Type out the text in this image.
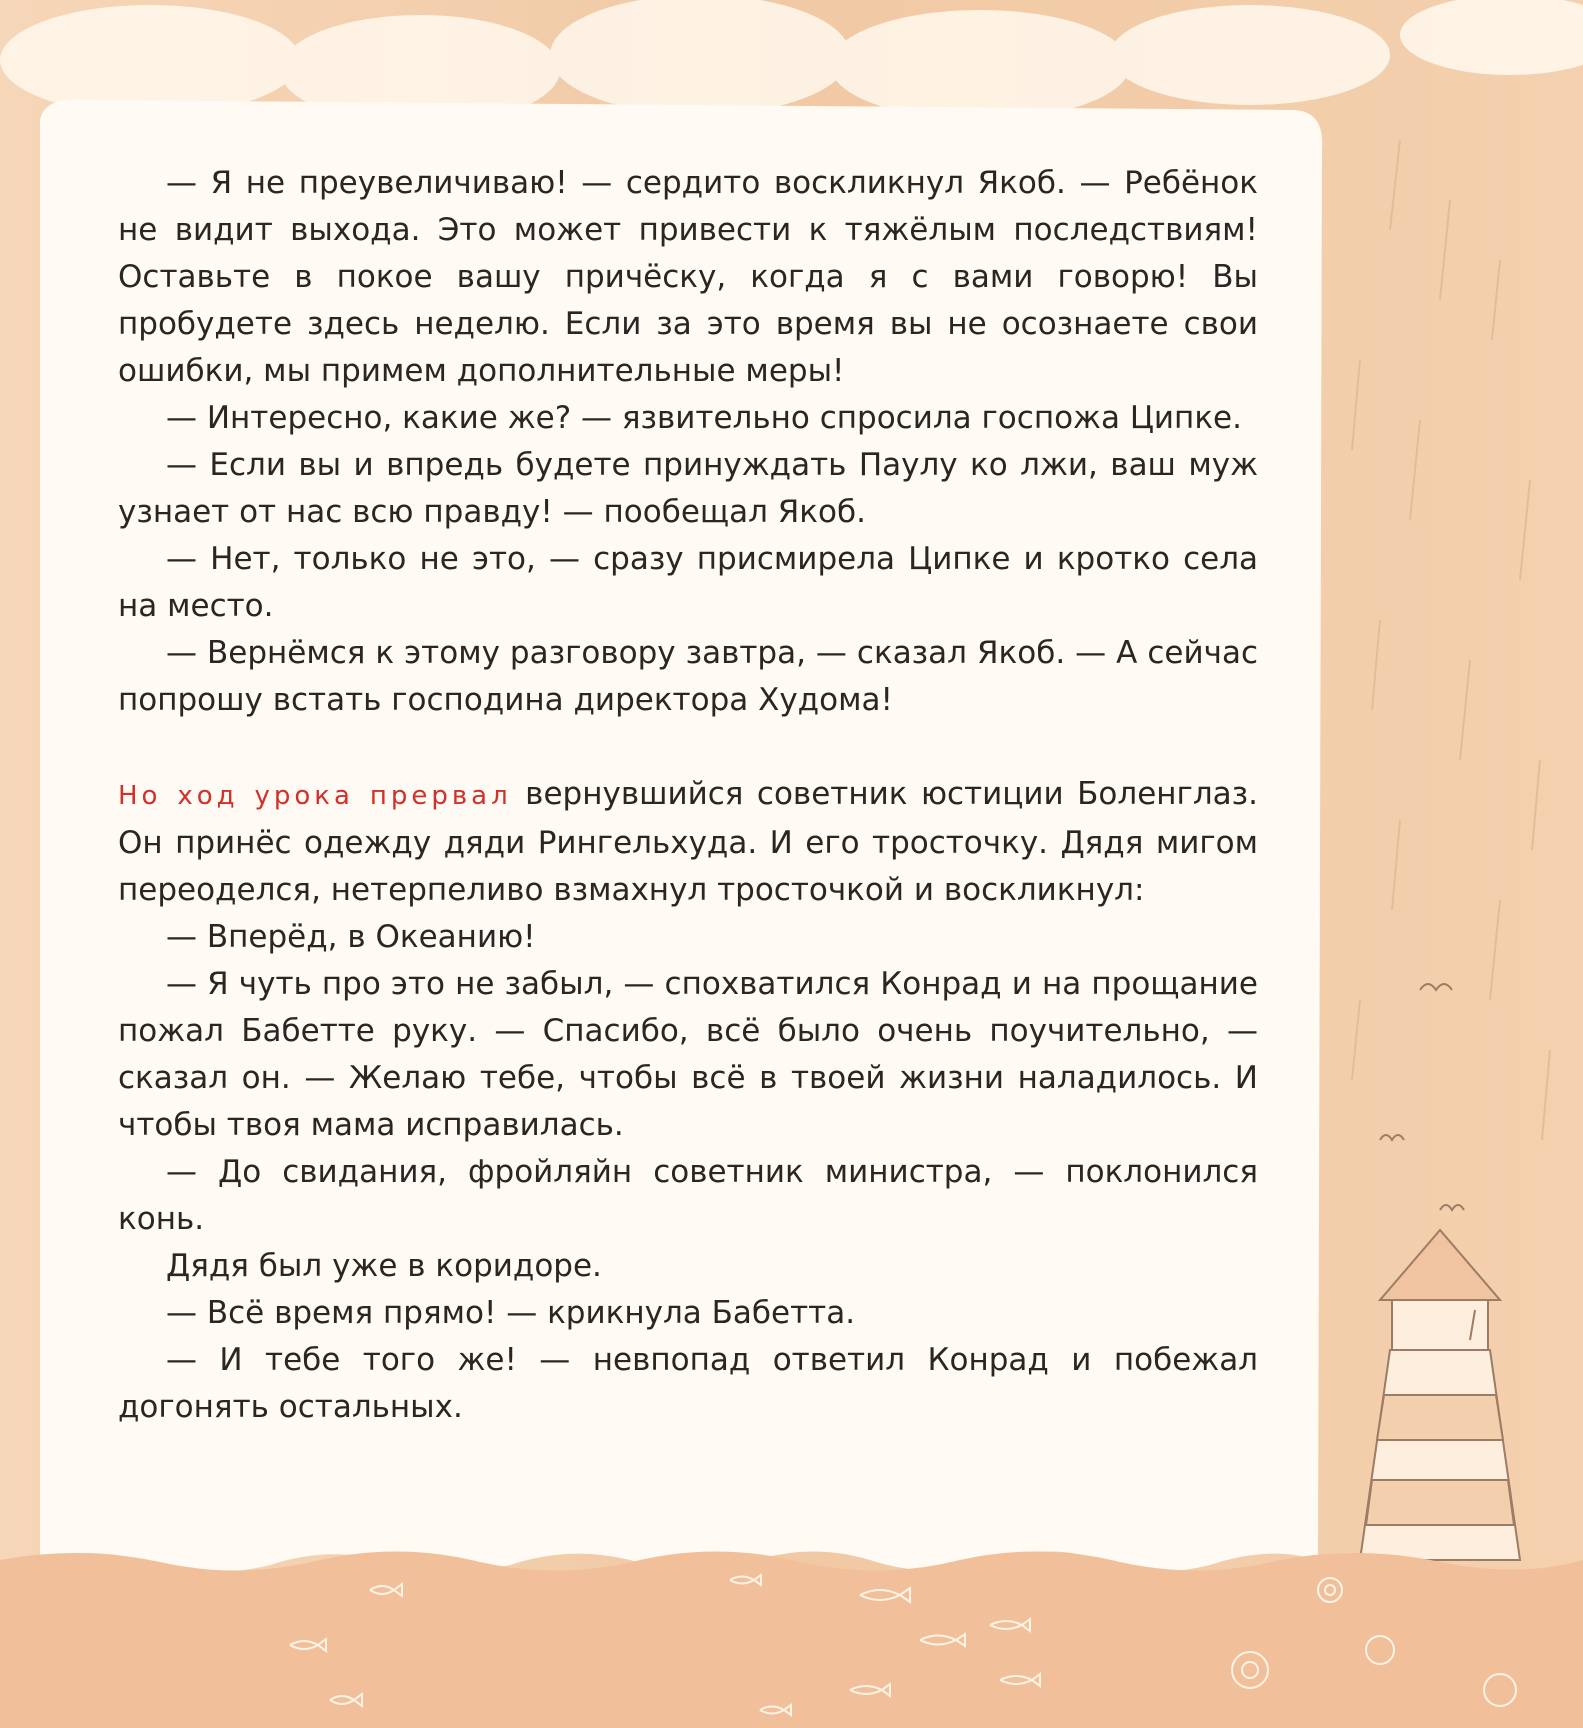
— Я не преувеличиваю! — сердито воскликнул Якоб. — Ребёнок не видит выхода. Это может привести к тяжёлым последствиям! Оставьте в покое вашу причёску, когда я с вами говорю! Вы пробудете здесь неделю. Если за это время вы не осознаете свои ошибки, мы примем дополнительные меры!

— Интересно, какие же? — язвительно спросила госпожа Ципке.

— Если вы и впредь будете принуждать Паулу ко лжи, ваш муж узнает от нас всю правду! — пообещал Якоб.

— Нет, только не это, — сразу присмирела Ципке и кротко села на место.

— Вернёмся к этому разговору завтра, — сказал Якоб. — А сейчас попрошу встать господина директора Худома!

Но ход урока прервал вернувшийся советник юстиции Боленглаз. Он принёс одежду дяди Рингельхуда. И его тросточку. Дядя мигом переоделся, нетерпеливо взмахнул тросточкой и воскликнул:

— Вперёд, в Океанию!

— Я чуть про это не забыл, — спохватился Конрад и на прощание пожал Бабетте руку. — Спасибо, всё было очень поучительно, — сказал он. — Желаю тебе, чтобы всё в твоей жизни наладилось. И чтобы твоя мама исправилась.

— До свидания, фройляйн советник министра, — поклонился конь.

Дядя был уже в коридоре.

— Всё время прямо! — крикнула Бабетта.

— И тебе того же! — невпопад ответил Конрад и побежал догонять остальных.
